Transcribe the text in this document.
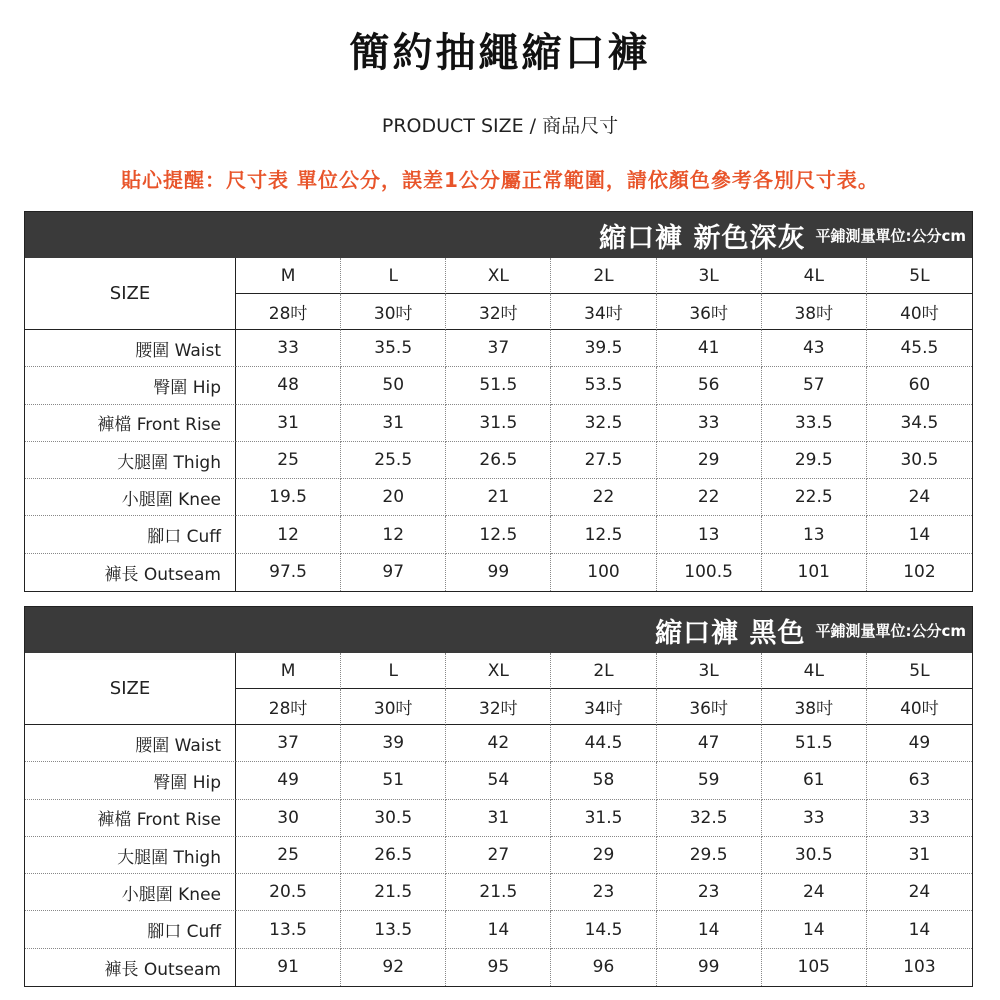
簡約抽繩縮口褲
PRODUCT SIZE / 商品尺寸
貼心提醒：尺寸表 單位公分，誤差1公分屬正常範圍，請依顏色參考各別尺寸表。
縮口褲 新色深灰 平鋪測量單位:公分cm
SIZE
M	L	XL	2L	3L	4L	5L
28吋	30吋	32吋	34吋	36吋	38吋	40吋
腰圍 Waist	33	35.5	37	39.5	41	43	45.5
臀圍 Hip	48	50	51.5	53.5	56	57	60
褲檔 Front Rise	31	31	31.5	32.5	33	33.5	34.5
大腿圍 Thigh	25	25.5	26.5	27.5	29	29.5	30.5
小腿圍 Knee	19.5	20	21	22	22	22.5	24
腳口 Cuff	12	12	12.5	12.5	13	13	14
褲長 Outseam	97.5	97	99	100	100.5	101	102
縮口褲 黑色 平鋪測量單位:公分cm
SIZE
M	L	XL	2L	3L	4L	5L
28吋	30吋	32吋	34吋	36吋	38吋	40吋
腰圍 Waist	37	39	42	44.5	47	51.5	49
臀圍 Hip	49	51	54	58	59	61	63
褲檔 Front Rise	30	30.5	31	31.5	32.5	33	33
大腿圍 Thigh	25	26.5	27	29	29.5	30.5	31
小腿圍 Knee	20.5	21.5	21.5	23	23	24	24
腳口 Cuff	13.5	13.5	14	14.5	14	14	14
褲長 Outseam	91	92	95	96	99	105	103
